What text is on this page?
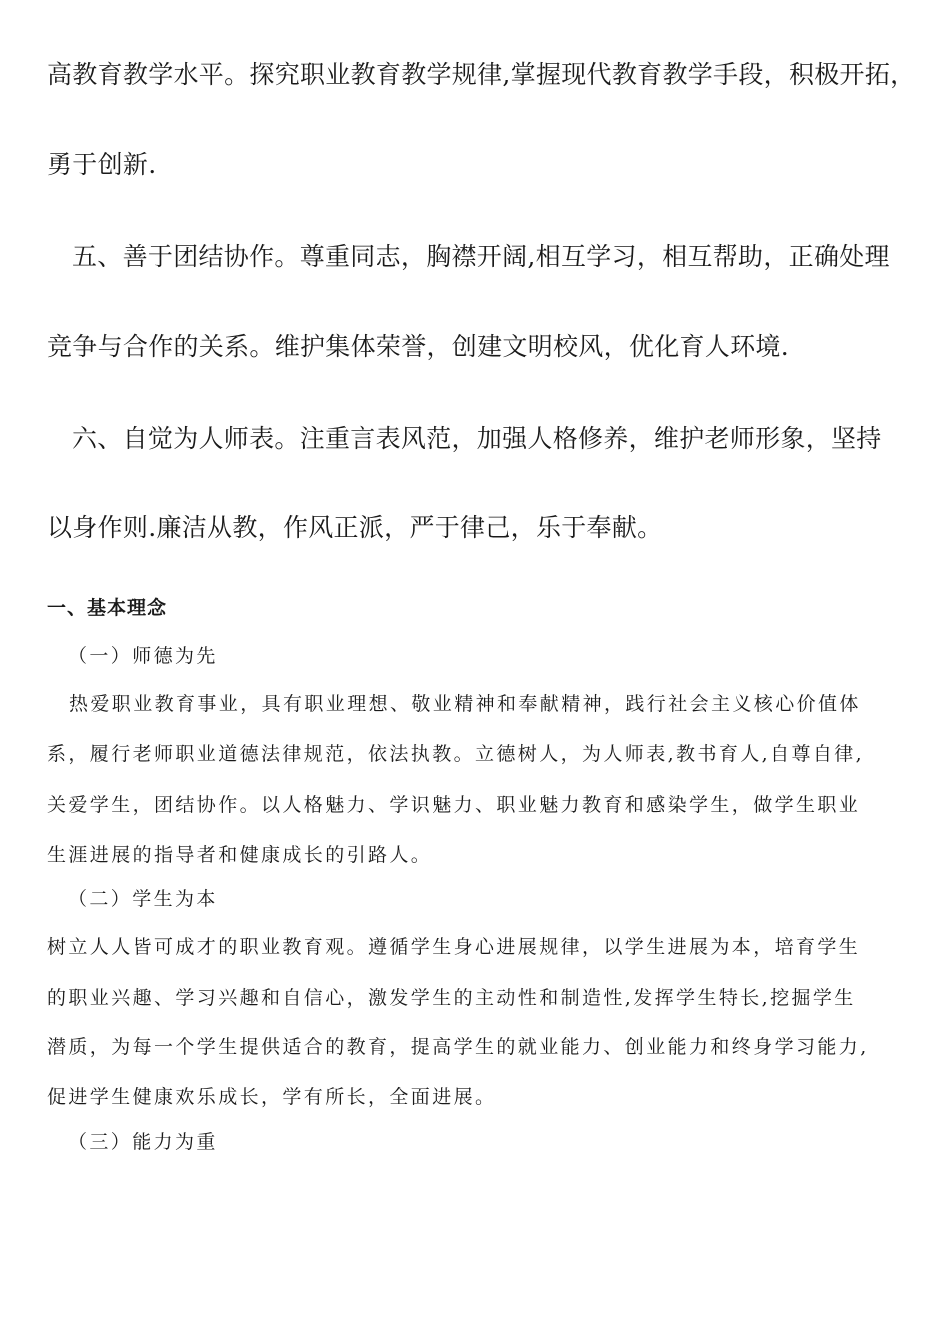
高教育教学水平。探究职业教育教学规律,掌握现代教育教学手段，积极开拓，
勇于创新.
五、善于团结协作。尊重同志，胸襟开阔,相互学习，相互帮助，正确处理
竞争与合作的关系。维护集体荣誉，创建文明校风，优化育人环境.
六、自觉为人师表。注重言表风范，加强人格修养，维护老师形象，坚持
以身作则.廉洁从教，作风正派，严于律己，乐于奉献。
一、基本理念
（一）师德为先
热爱职业教育事业，具有职业理想、敬业精神和奉献精神，践行社会主义核心价值体
系，履行老师职业道德法律规范，依法执教。立德树人，为人师表,教书育人,自尊自律,
关爱学生，团结协作。以人格魅力、学识魅力、职业魅力教育和感染学生，做学生职业
生涯进展的指导者和健康成长的引路人。
（二）学生为本
树立人人皆可成才的职业教育观。遵循学生身心进展规律，以学生进展为本，培育学生
的职业兴趣、学习兴趣和自信心，激发学生的主动性和制造性,发挥学生特长,挖掘学生
潜质，为每一个学生提供适合的教育，提高学生的就业能力、创业能力和终身学习能力,
促进学生健康欢乐成长，学有所长，全面进展。
（三）能力为重
